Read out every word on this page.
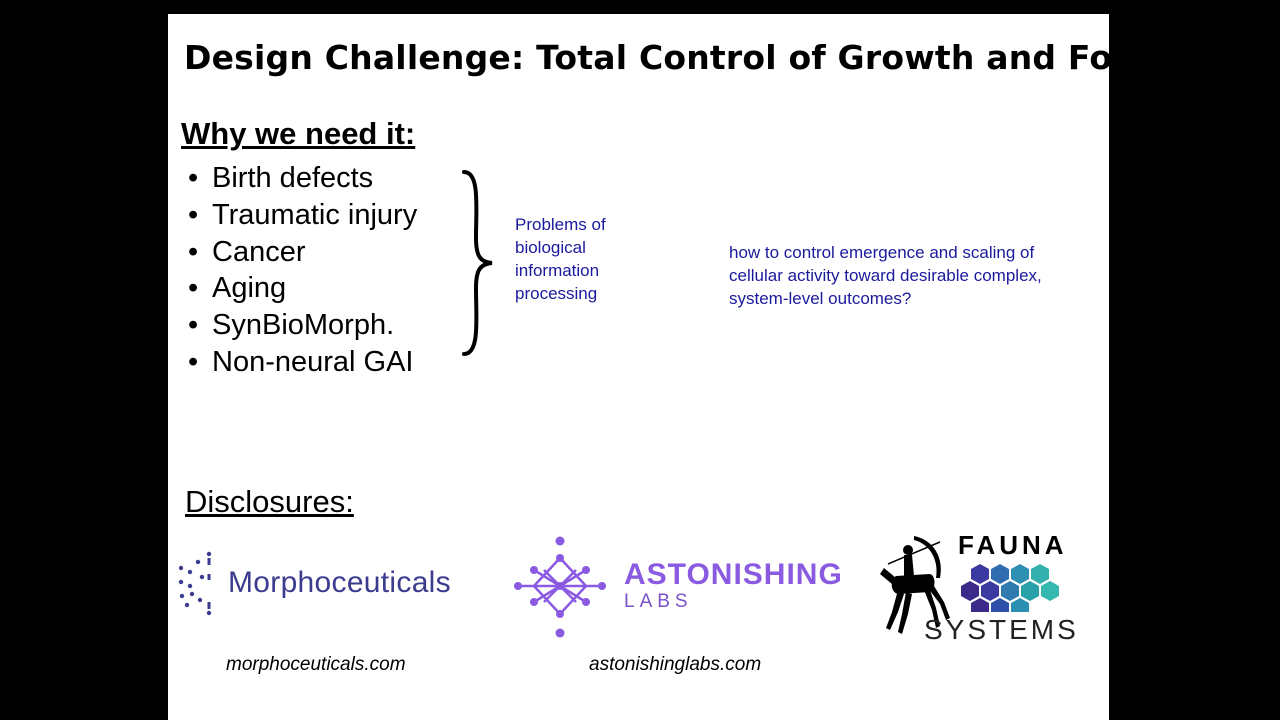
Design Challenge: Total Control of Growth and Form
Why we need it:
• Birth defects
• Traumatic injury
• Cancer
• Aging
• SynBioMorph.
• Non-neural GAI
Problems of
biological
information
processing
how to control emergence and scaling of
cellular activity toward desirable complex,
system-level outcomes?
Disclosures:
Morphoceuticals	ASTONISHING
LABS
FAUNA
SYSTEMS
morphoceuticals.com	astonishinglabs.com
